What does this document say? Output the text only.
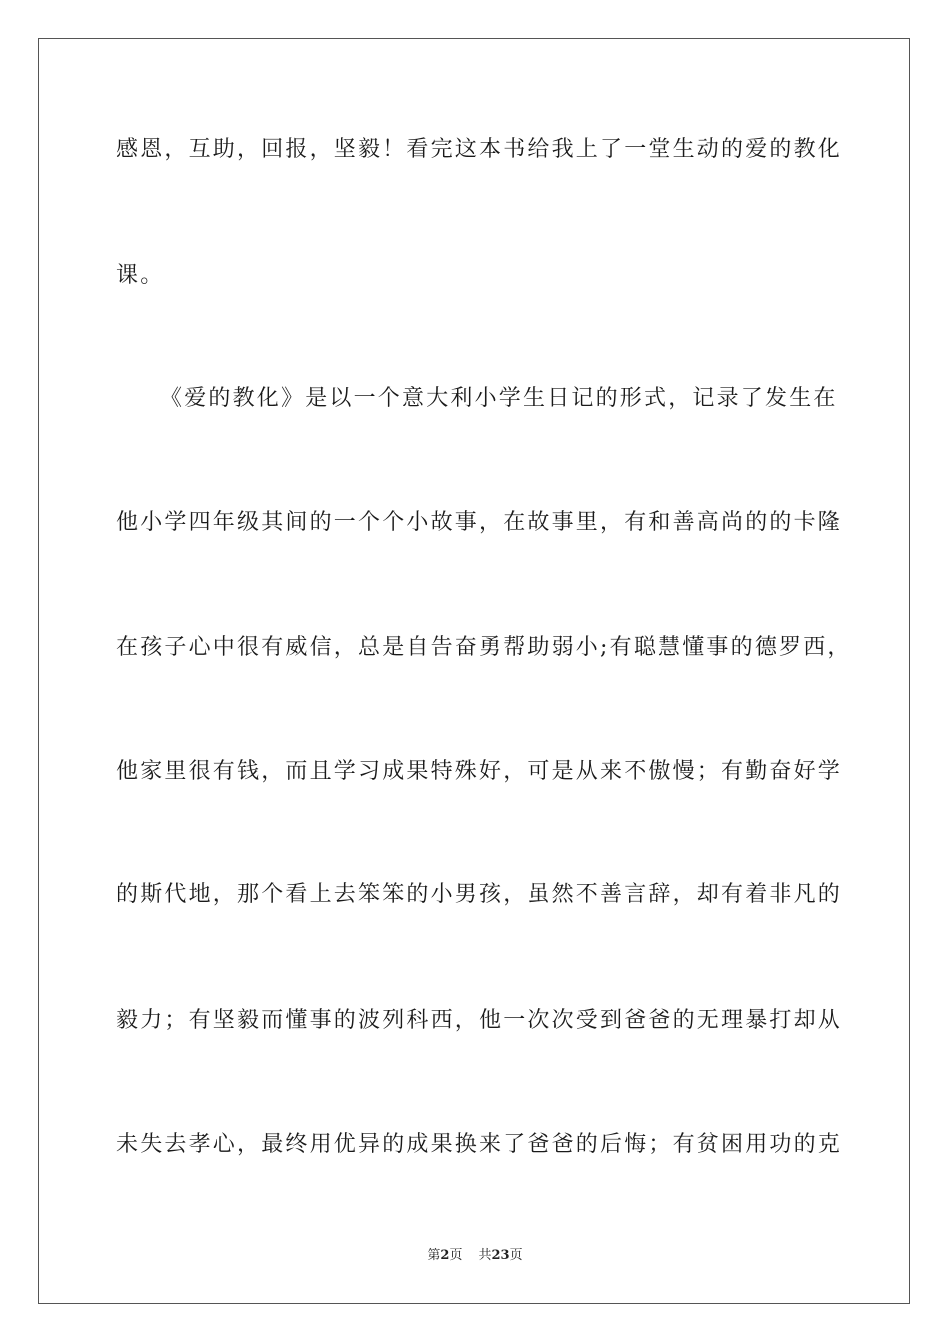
感恩，互助，回报，坚毅！看完这本书给我上了一堂生动的爱的教化
课。
《爱的教化》是以一个意大利小学生日记的形式，记录了发生在
他小学四年级其间的一个个小故事，在故事里，有和善高尚的的卡隆
在孩子心中很有威信，总是自告奋勇帮助弱小;有聪慧懂事的德罗西，
他家里很有钱，而且学习成果特殊好，可是从来不傲慢；有勤奋好学
的斯代地，那个看上去笨笨的小男孩，虽然不善言辞，却有着非凡的
毅力；有坚毅而懂事的波列科西，他一次次受到爸爸的无理暴打却从
未失去孝心，最终用优异的成果换来了爸爸的后悔；有贫困用功的克
第2页 共23页
